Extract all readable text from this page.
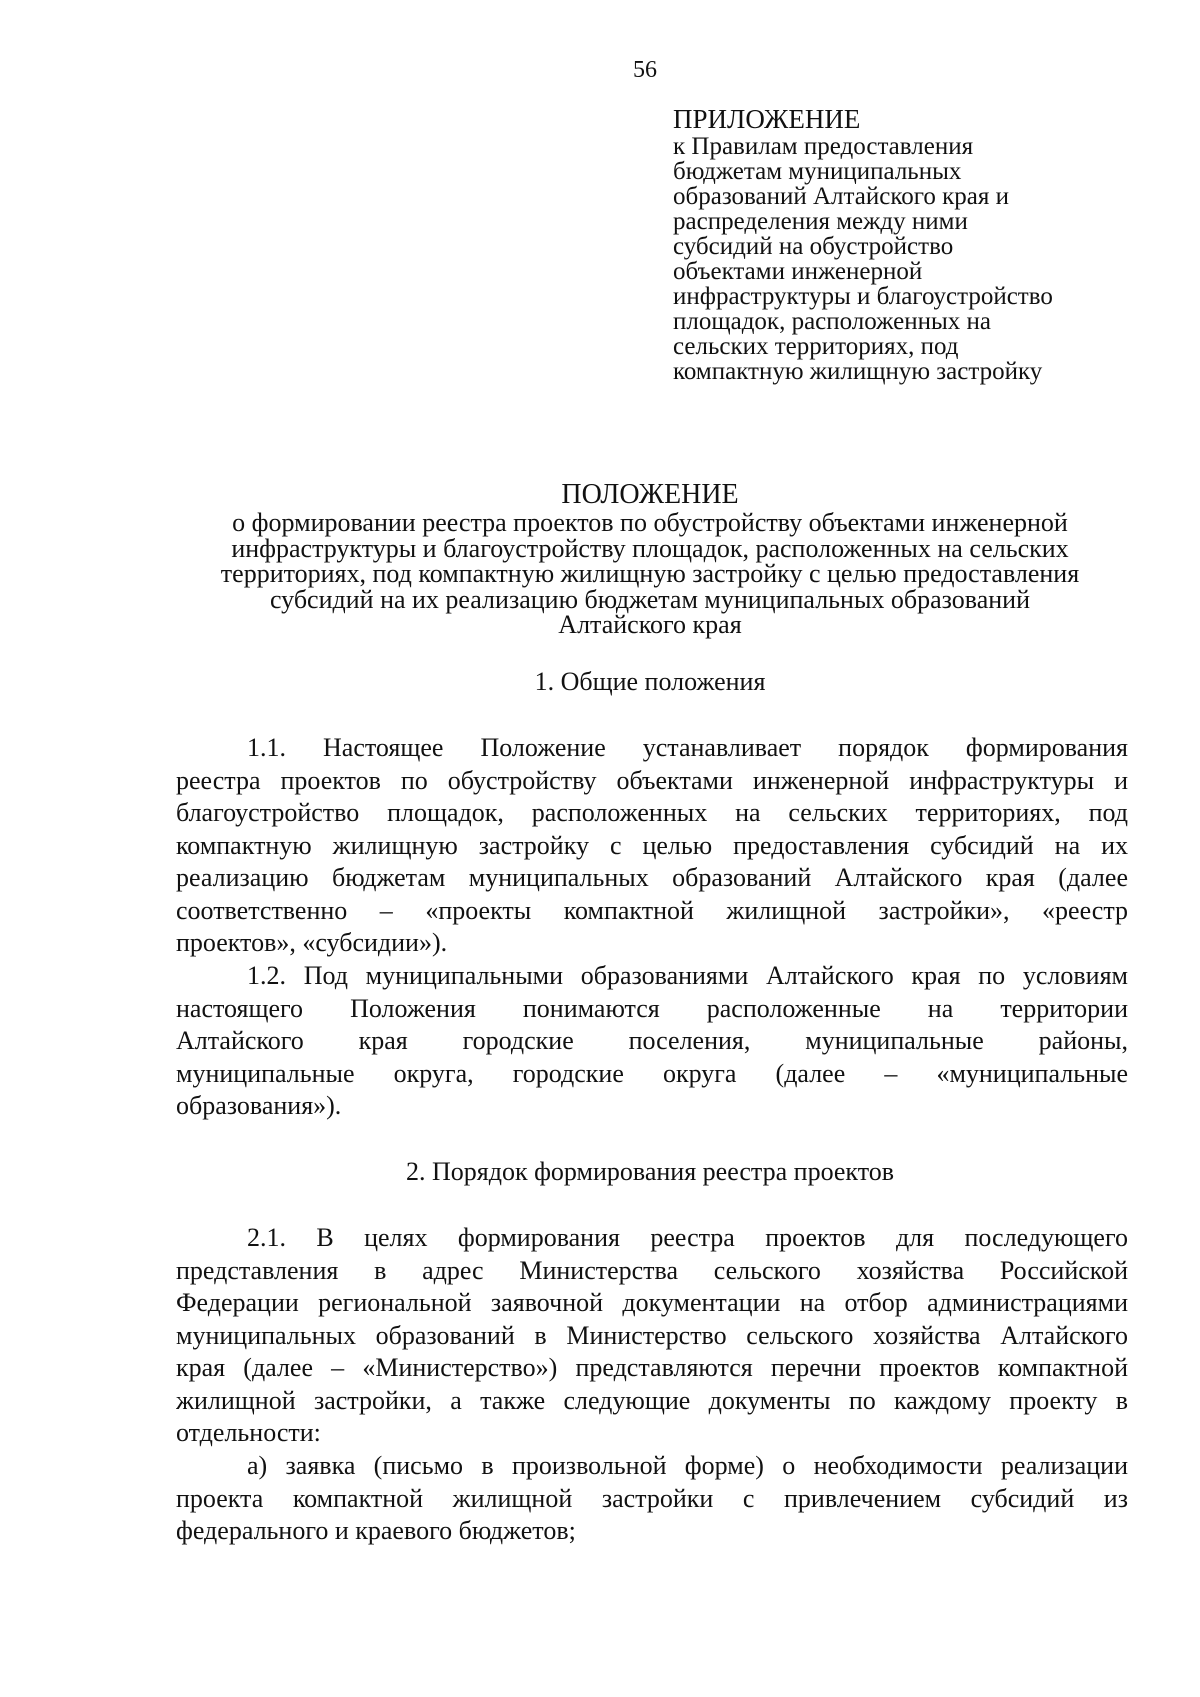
56
ПРИЛОЖЕНИЕ
к Правилам предоставления
бюджетам муниципальных
образований Алтайского края и
распределения между ними
субсидий на обустройство
объектами инженерной
инфраструктуры и благоустройство
площадок, расположенных на
сельских территориях, под
компактную жилищную застройку
ПОЛОЖЕНИЕ
о формировании реестра проектов по обустройству объектами инженерной
инфраструктуры и благоустройству площадок, расположенных на сельских
территориях, под компактную жилищную застройку с целью предоставления
субсидий на их реализацию бюджетам муниципальных образований
Алтайского края
1. Общие положения
1.1. Настоящее Положение устанавливает порядок формирования
реестра проектов по обустройству объектами инженерной инфраструктуры и
благоустройство площадок, расположенных на сельских территориях, под
компактную жилищную застройку с целью предоставления субсидий на их
реализацию бюджетам муниципальных образований Алтайского края (далее
соответственно – «проекты компактной жилищной застройки», «реестр
проектов», «субсидии»).
1.2. Под муниципальными образованиями Алтайского края по условиям
настоящего Положения понимаются расположенные на территории
Алтайского края городские поселения, муниципальные районы,
муниципальные округа, городские округа (далее – «муниципальные
образования»).
2. Порядок формирования реестра проектов
2.1. В целях формирования реестра проектов для последующего
представления в адрес Министерства сельского хозяйства Российской
Федерации региональной заявочной документации на отбор администрациями
муниципальных образований в Министерство сельского хозяйства Алтайского
края (далее – «Министерство») представляются перечни проектов компактной
жилищной застройки, а также следующие документы по каждому проекту в
отдельности:
а) заявка (письмо в произвольной форме) о необходимости реализации
проекта компактной жилищной застройки с привлечением субсидий из
федерального и краевого бюджетов;
